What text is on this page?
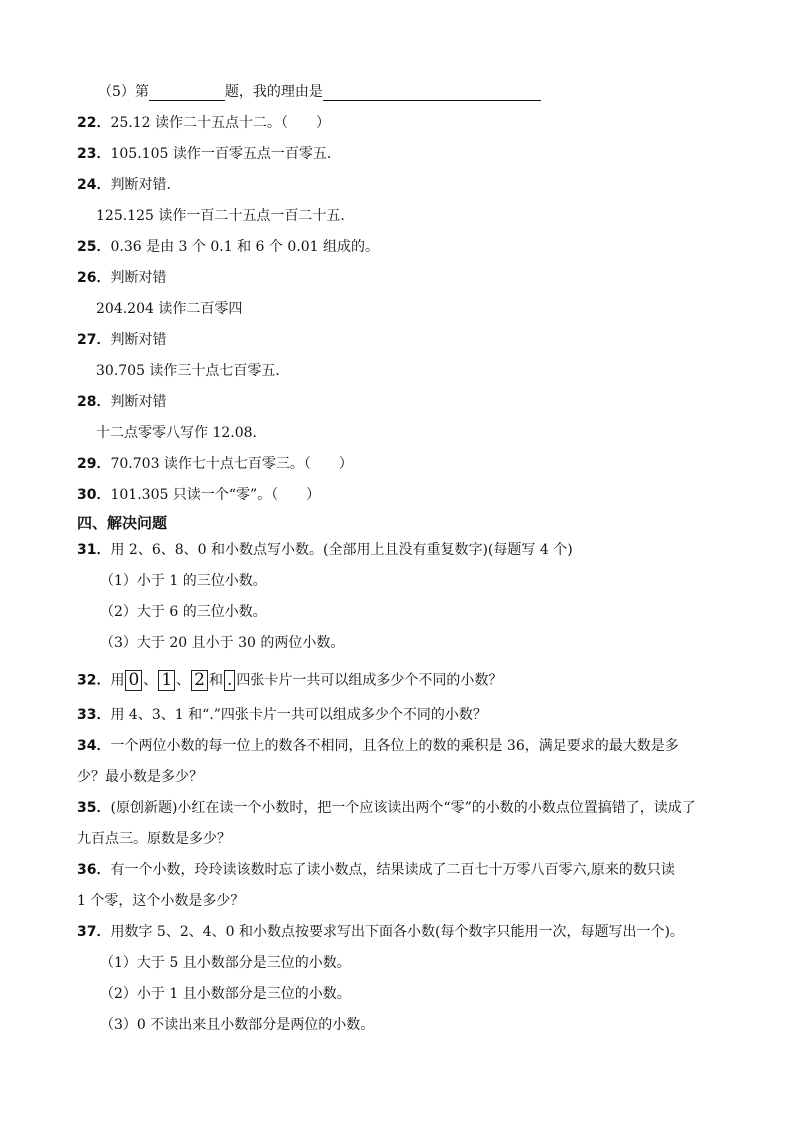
（5）第	题，我的理由是
22．25.12 读作二十五点十二。（　　）
23．105.105 读作一百零五点一百零五．
24．判断对错．
125.125 读作一百二十五点一百二十五．
25．0.36 是由 3 个 0.1 和 6 个 0.01 组成的。
26．判断对错
204.204 读作二百零四
27．判断对错
30.705 读作三十点七百零五．
28．判断对错
十二点零零八写作 12.08．
29．70.703 读作七十点七百零三。（　　）
30．101.305 只读一个“零”。（　　）
四、解决问题
31．用 2、6、8、0 和小数点写小数。(全部用上且没有重复数字)(每题写 4 个)
（1）小于 1 的三位小数。
（2）大于 6 的三位小数。
（3）大于 20 且小于 30 的两位小数。
32．用 0 、 1 、 2 和 . 四张卡片一共可以组成多少个不同的小数？
33．用 4、3、1 和“.”四张卡片一共可以组成多少个不同的小数？
34．一个两位小数的每一位上的数各不相同，且各位上的数的乘积是 36，满足要求的最大数是多
少？最小数是多少？
35．(原创新题)小红在读一个小数时，把一个应该读出两个“零”的小数的小数点位置搞错了，读成了
九百点三。原数是多少？
36．有一个小数，玲玲读该数时忘了读小数点，结果读成了二百七十万零八百零六,原来的数只读
1 个零，这个小数是多少？
37．用数字 5、2、4、0 和小数点按要求写出下面各小数(每个数字只能用一次，每题写出一个)。
（1）大于 5 且小数部分是三位的小数。
（2）小于 1 且小数部分是三位的小数。
（3）0 不读出来且小数部分是两位的小数。
